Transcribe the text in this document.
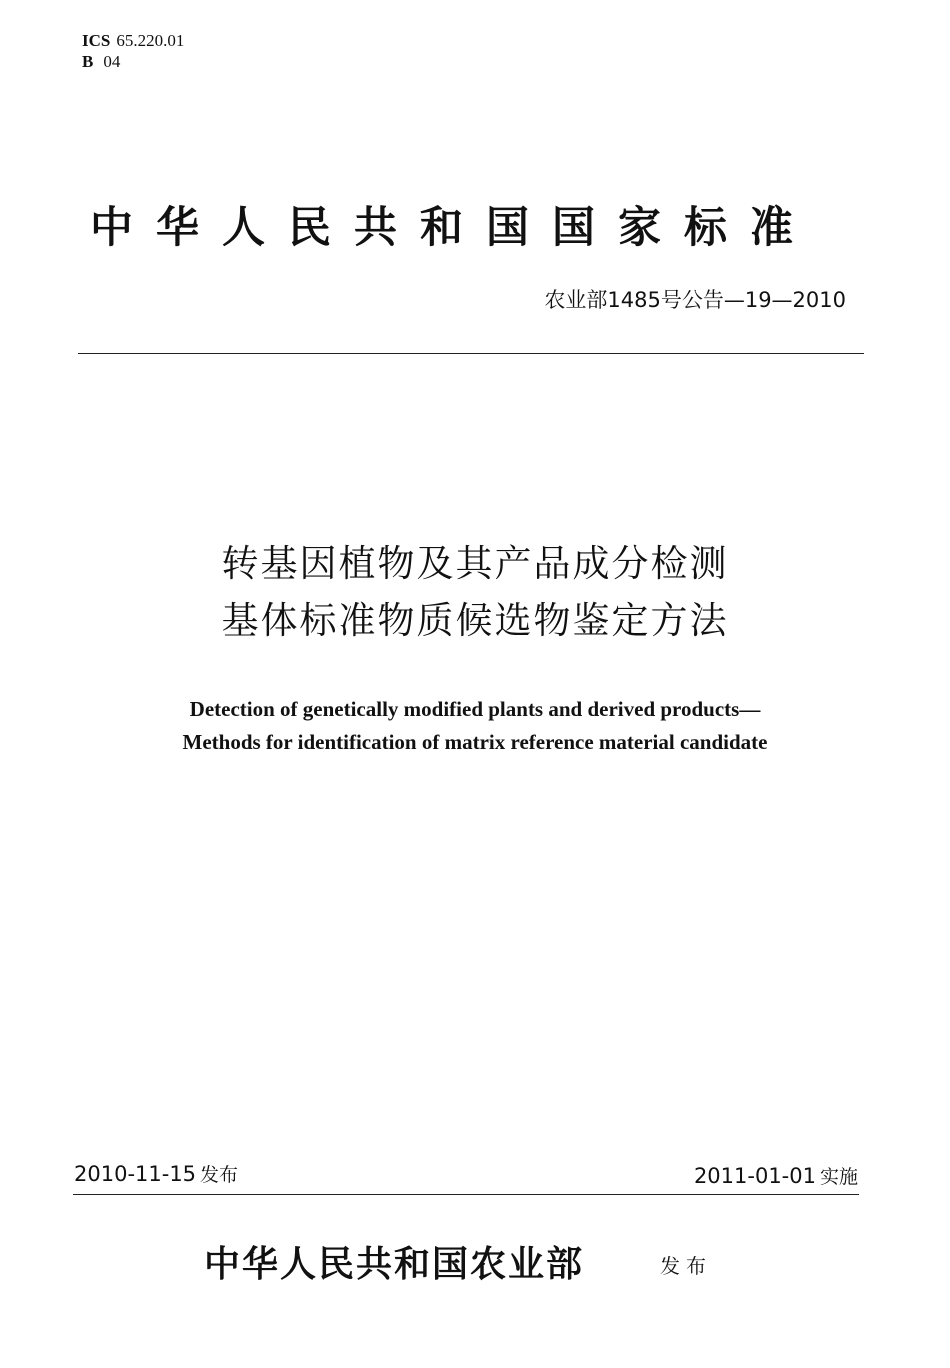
ICS 65.220.01
B 04
中华人民共和国国家标准
农业部1485号公告—19—2010
转基因植物及其产品成分检测
基体标准物质候选物鉴定方法
Detection of genetically modified plants and derived products—
Methods for identification of matrix reference material candidate
2010-11-15 发布	2011-01-01 实施
中华人民共和国农业部	发布
